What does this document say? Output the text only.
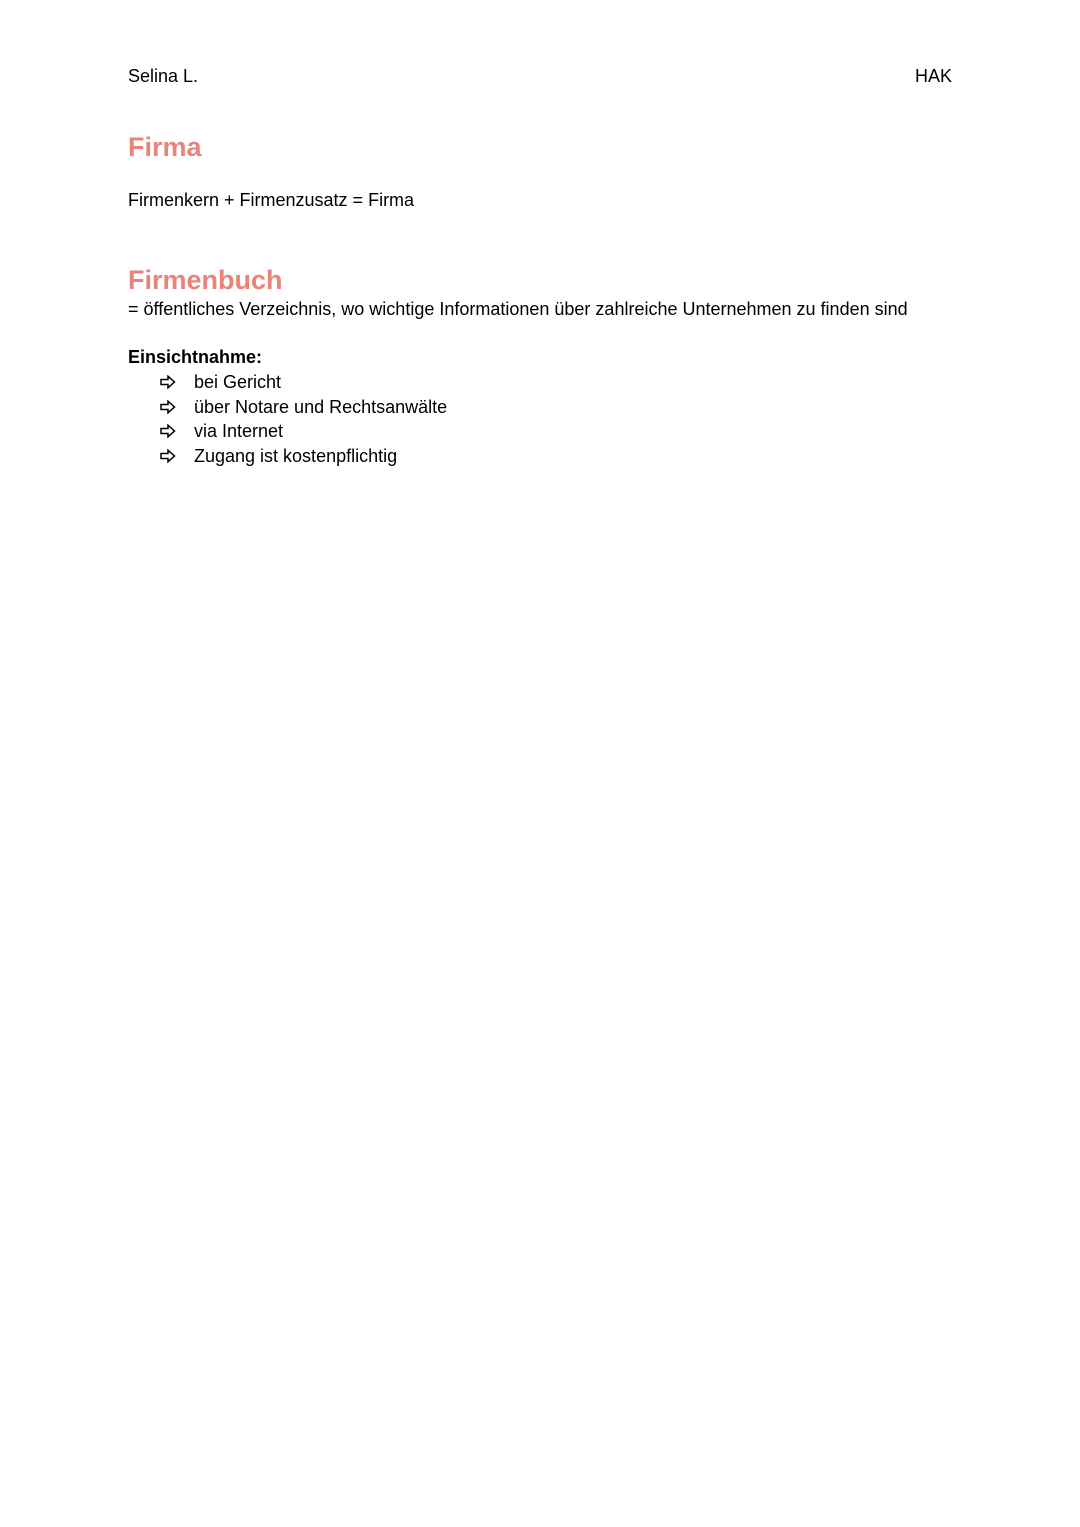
Selina L.	HAK
Firma
Firmenkern + Firmenzusatz = Firma
Firmenbuch
= öffentliches Verzeichnis, wo wichtige Informationen über zahlreiche Unternehmen zu finden sind
Einsichtnahme:
bei Gericht
über Notare und Rechtsanwälte
via Internet
Zugang ist kostenpflichtig
